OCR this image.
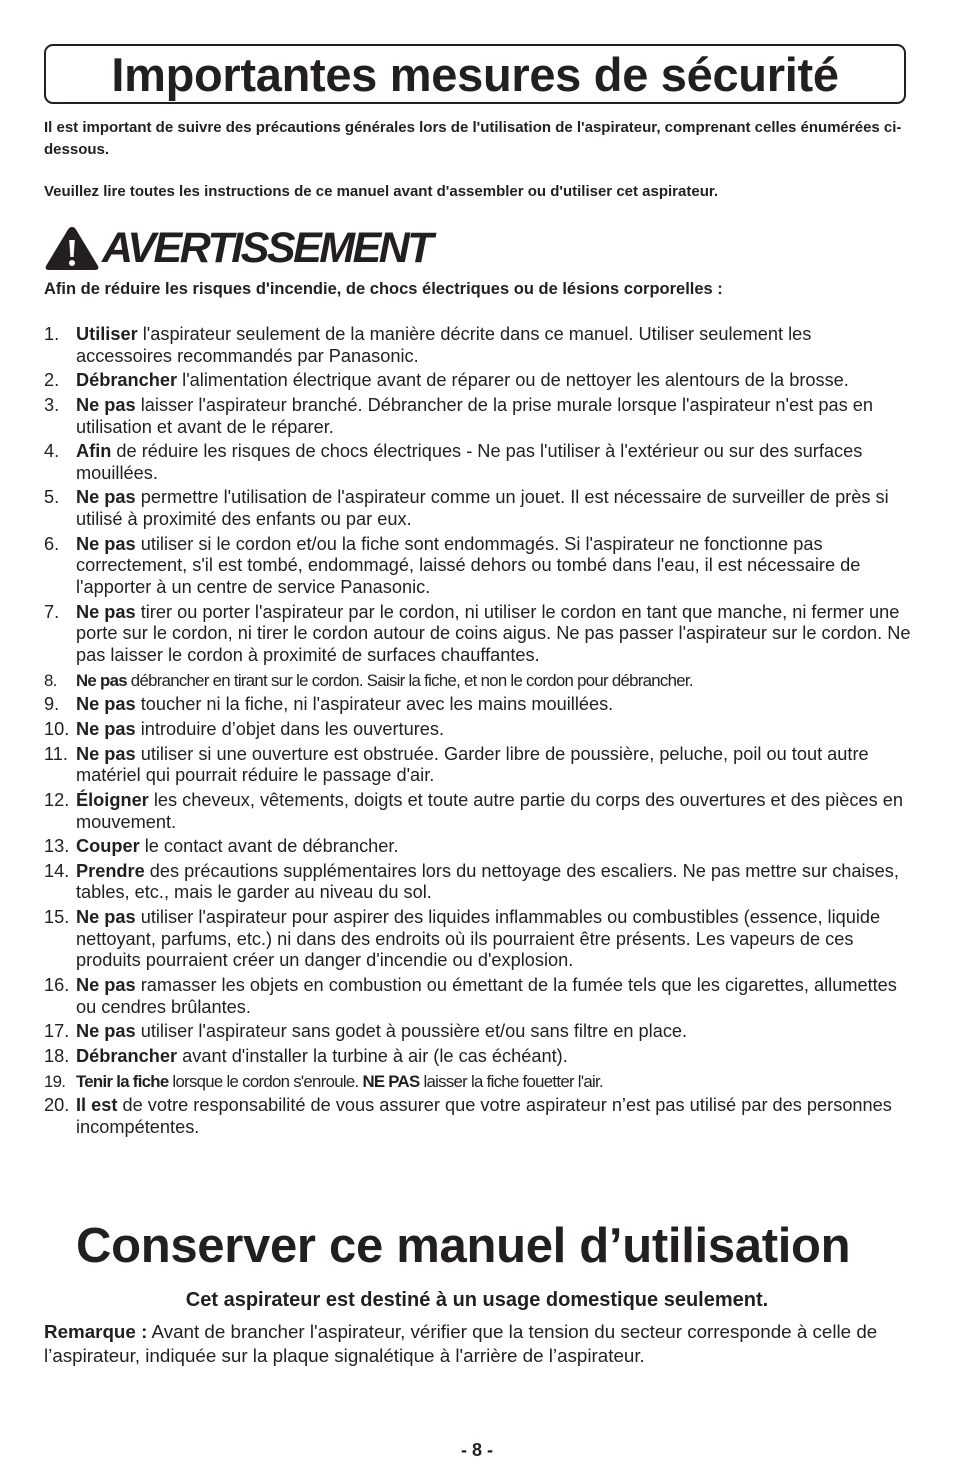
Importantes mesures de sécurité

Il est important de suivre des précautions générales lors de l'utilisation de l'aspirateur, comprenant celles énumérées ci-dessous.

Veuillez lire toutes les instructions de ce manuel avant d'assembler ou d'utiliser cet aspirateur.

AVERTISSEMENT

Afin de réduire les risques d'incendie, de chocs électriques ou de lésions corporelles :

1. Utiliser l'aspirateur seulement de la manière décrite dans ce manuel. Utiliser seulement les accessoires recommandés par Panasonic.
2. Débrancher l'alimentation électrique avant de réparer ou de nettoyer les alentours de la brosse.
3. Ne pas laisser l'aspirateur branché. Débrancher de la prise murale lorsque l'aspirateur n'est pas en utilisation et avant de le réparer.
4. Afin de réduire les risques de chocs électriques - Ne pas l'utiliser à l'extérieur ou sur des surfaces mouillées.
5. Ne pas permettre l'utilisation de l'aspirateur comme un jouet. Il est nécessaire de surveiller de près si utilisé à proximité des enfants ou par eux.
6. Ne pas utiliser si le cordon et/ou la fiche sont endommagés. Si l'aspirateur ne fonctionne pas correctement, s'il est tombé, endommagé, laissé dehors ou tombé dans l'eau, il est nécessaire de l'apporter à un centre de service Panasonic.
7. Ne pas tirer ou porter l'aspirateur par le cordon, ni utiliser le cordon en tant que manche, ni fermer une porte sur le cordon, ni tirer le cordon autour de coins aigus. Ne pas passer l'aspirateur sur le cordon. Ne pas laisser le cordon à proximité de surfaces chauffantes.
8. Ne pas débrancher en tirant sur le cordon. Saisir la fiche, et non le cordon pour débrancher.
9. Ne pas toucher ni la fiche, ni l'aspirateur avec les mains mouillées.
10. Ne pas introduire d’objet dans les ouvertures.
11. Ne pas utiliser si une ouverture est obstruée. Garder libre de poussière, peluche, poil ou tout autre matériel qui pourrait réduire le passage d'air.
12. Éloigner les cheveux, vêtements, doigts et toute autre partie du corps des ouvertures et des pièces en mouvement.
13. Couper le contact avant de débrancher.
14. Prendre des précautions supplémentaires lors du nettoyage des escaliers. Ne pas mettre sur chaises, tables, etc., mais le garder au niveau du sol.
15. Ne pas utiliser l'aspirateur pour aspirer des liquides inflammables ou combustibles (essence, liquide nettoyant, parfums, etc.) ni dans des endroits où ils pourraient être présents. Les vapeurs de ces produits pourraient créer un danger d'incendie ou d'explosion.
16. Ne pas ramasser les objets en combustion ou émettant de la fumée tels que les cigarettes, allumettes ou cendres brûlantes.
17. Ne pas utiliser l'aspirateur sans godet à poussière et/ou sans filtre en place.
18. Débrancher avant d'installer la turbine à air (le cas échéant).
19. Tenir la fiche lorsque le cordon s'enroule. NE PAS laisser la fiche fouetter l'air.
20. Il est de votre responsabilité de vous assurer que votre aspirateur n’est pas utilisé par des personnes incompétentes.

Conserver ce manuel d’utilisation

Cet aspirateur est destiné à un usage domestique seulement.

Remarque : Avant de brancher l'aspirateur, vérifier que la tension du secteur corresponde à celle de l’aspirateur, indiquée sur la plaque signalétique à l'arrière de l’aspirateur.

- 8 -
